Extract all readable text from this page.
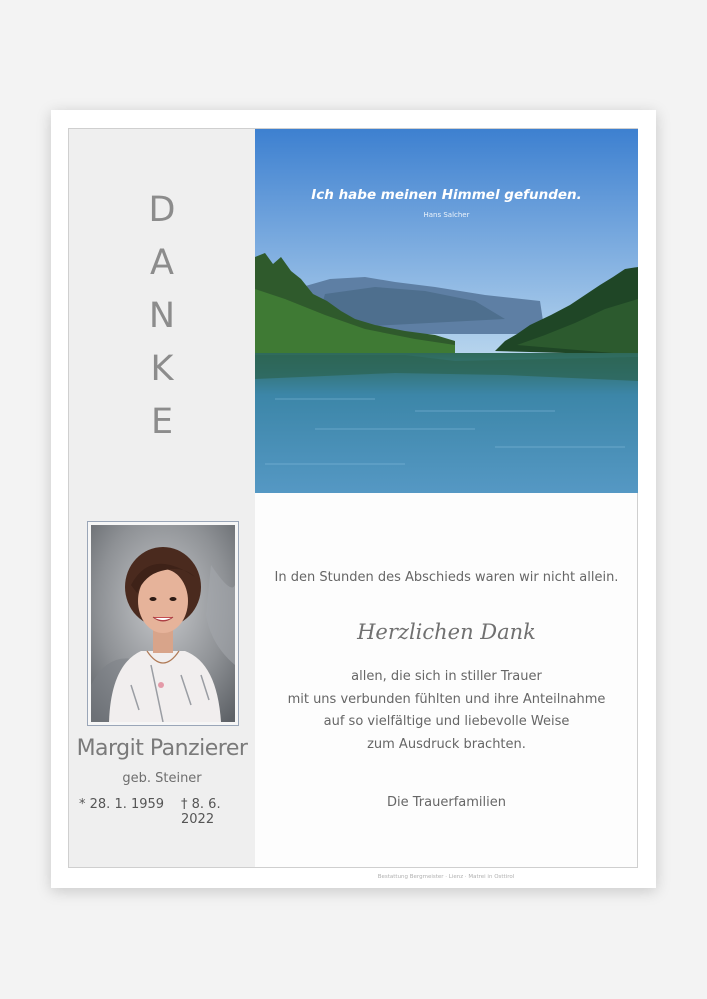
D
A
N
K
E
Margit Panzierer
geb. Steiner
* 28. 1. 1959 † 8. 6. 2022
Ich habe meinen Himmel gefunden.
Hans Salcher
In den Stunden des Abschieds waren wir nicht allein.
Herzlichen Dank
allen, die sich in stiller Trauer
mit uns verbunden fühlten und ihre Anteilnahme
auf so vielfältige und liebevolle Weise
zum Ausdruck brachten.
Die Trauerfamilien
Bestattung Bergmeister · Lienz · Matrei in Osttirol
